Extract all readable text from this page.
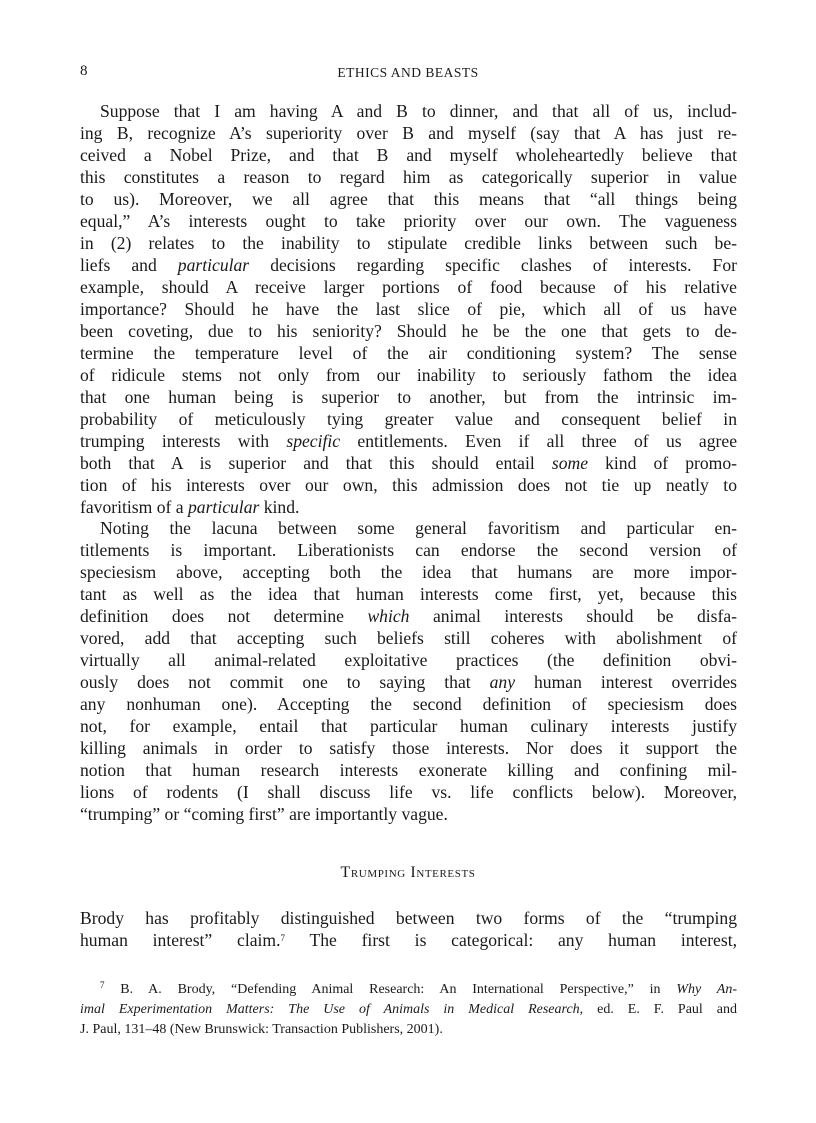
8	ETHICS AND BEASTS
Suppose that I am having A and B to dinner, and that all of us, includ-
ing B, recognize A’s superiority over B and myself (say that A has just re-
ceived a Nobel Prize, and that B and myself wholeheartedly believe that
this constitutes a reason to regard him as categorically superior in value
to us). Moreover, we all agree that this means that “all things being
equal,” A’s interests ought to take priority over our own. The vagueness
in (2) relates to the inability to stipulate credible links between such be-
liefs and particular decisions regarding specific clashes of interests. For
example, should A receive larger portions of food because of his relative
importance? Should he have the last slice of pie, which all of us have
been coveting, due to his seniority? Should he be the one that gets to de-
termine the temperature level of the air conditioning system? The sense
of ridicule stems not only from our inability to seriously fathom the idea
that one human being is superior to another, but from the intrinsic im-
probability of meticulously tying greater value and consequent belief in
trumping interests with specific entitlements. Even if all three of us agree
both that A is superior and that this should entail some kind of promo-
tion of his interests over our own, this admission does not tie up neatly to
favoritism of a particular kind.
Noting the lacuna between some general favoritism and particular en-
titlements is important. Liberationists can endorse the second version of
speciesism above, accepting both the idea that humans are more impor-
tant as well as the idea that human interests come first, yet, because this
definition does not determine which animal interests should be disfa-
vored, add that accepting such beliefs still coheres with abolishment of
virtually all animal-related exploitative practices (the definition obvi-
ously does not commit one to saying that any human interest overrides
any nonhuman one). Accepting the second definition of speciesism does
not, for example, entail that particular human culinary interests justify
killing animals in order to satisfy those interests. Nor does it support the
notion that human research interests exonerate killing and confining mil-
lions of rodents (I shall discuss life vs. life conflicts below). Moreover,
“trumping” or “coming first” are importantly vague.
Trumping Interests
Brody has profitably distinguished between two forms of the “trumping
human interest” claim.$^7$ The first is categorical: any human interest,
$^7$ B. A. Brody, “Defending Animal Research: An International Perspective,” in Why An-
imal Experimentation Matters: The Use of Animals in Medical Research, ed. E. F. Paul and
J. Paul, 131–48 (New Brunswick: Transaction Publishers, 2001).
